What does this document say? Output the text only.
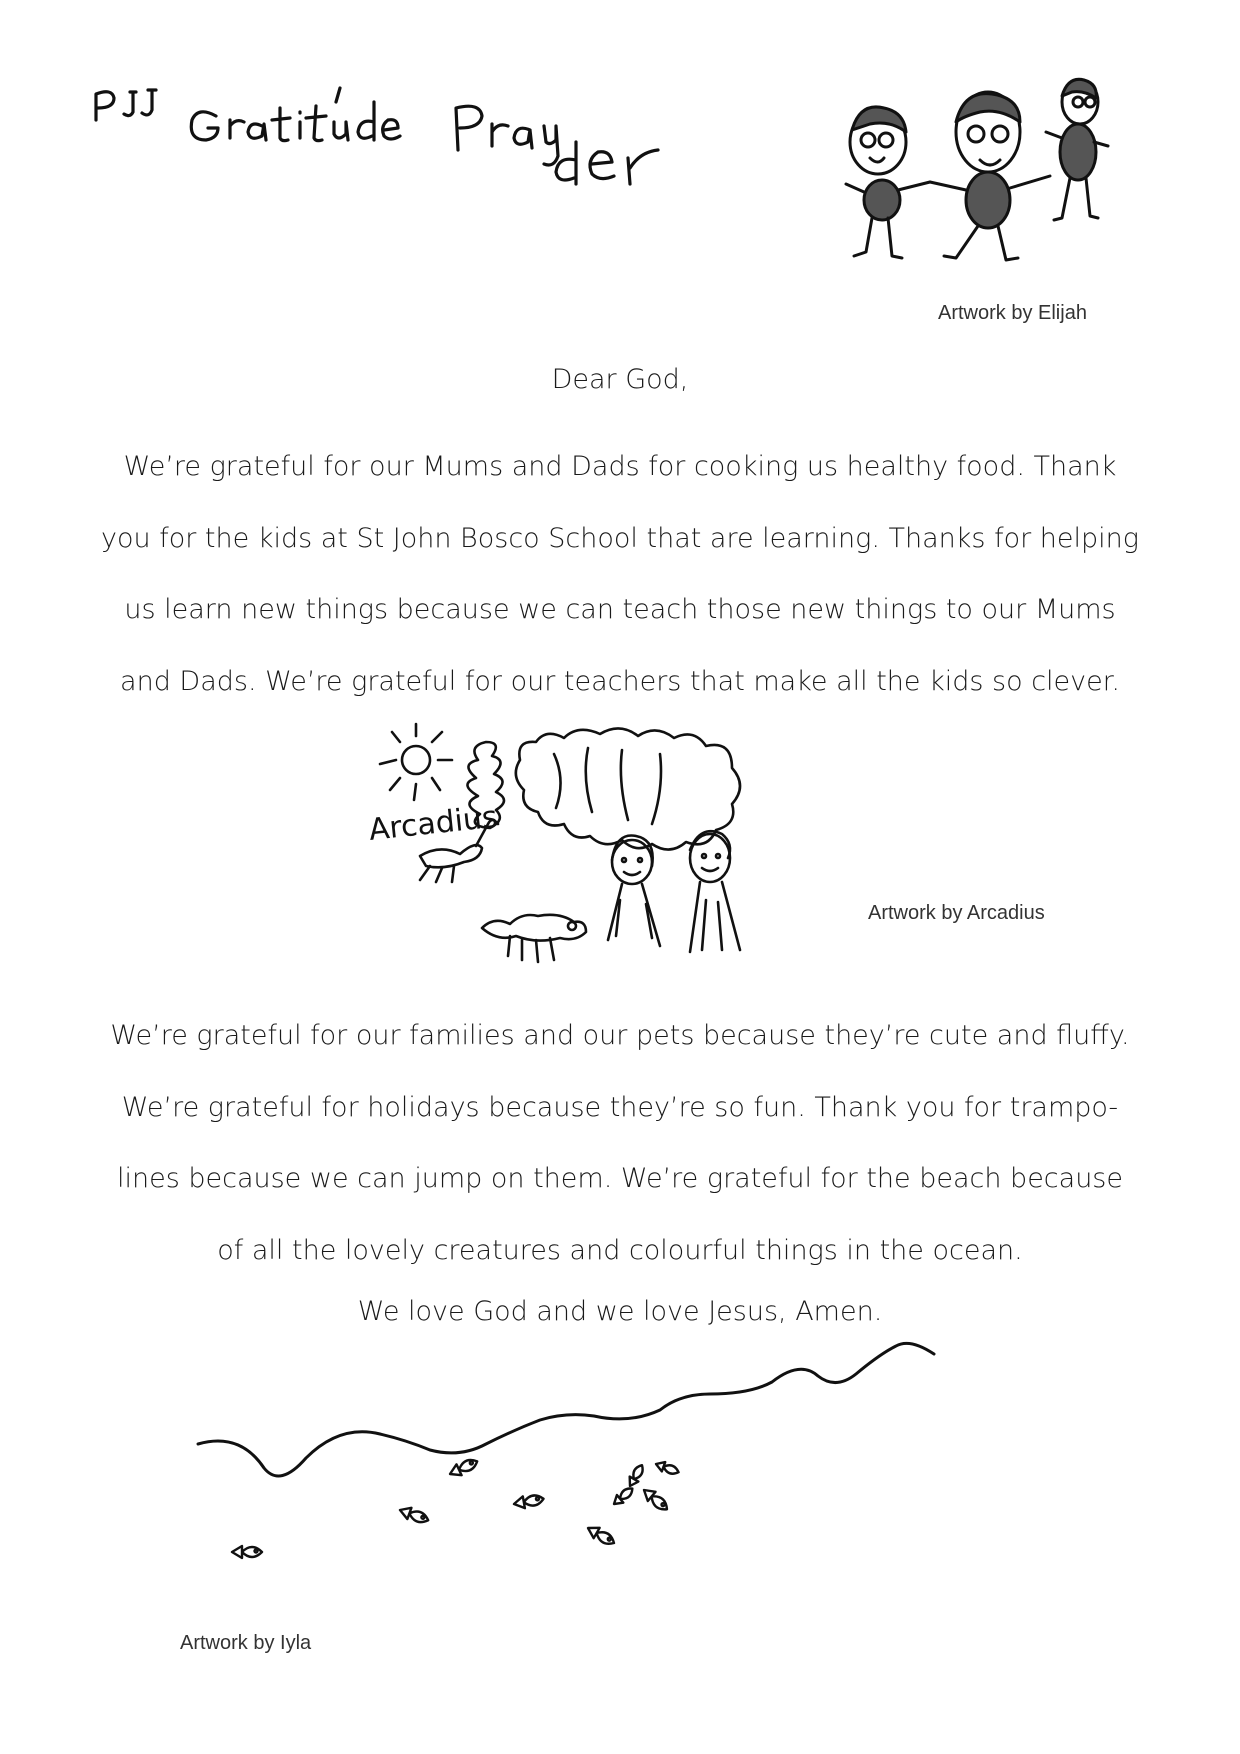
Artwork by Elijah
Dear God,
We’re grateful for our Mums and Dads for cooking us healthy food. Thank
you for the kids at St John Bosco School that are learning. Thanks for helping
us learn new things because we can teach those new things to our Mums
and Dads. We’re grateful for our teachers that make all the kids so clever.
Arcadius
Artwork by Arcadius
We’re grateful for our families and our pets because they’re cute and fluffy.
We’re grateful for holidays because they’re so fun. Thank you for trampo-
lines because we can jump on them. We’re grateful for the beach because
of all the lovely creatures and colourful things in the ocean.
We love God and we love Jesus, Amen.
Artwork by Iyla
